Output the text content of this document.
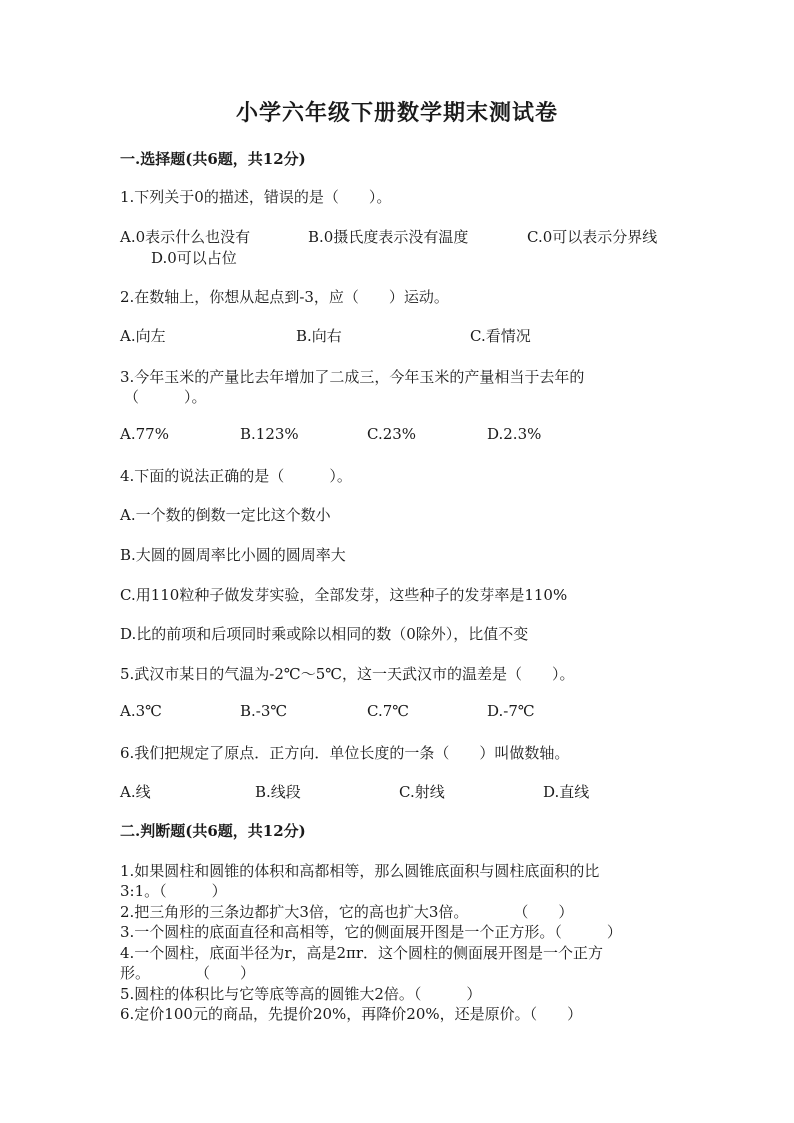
小学六年级下册数学期末测试卷
一.选择题(共6题，共12分)
1.下列关于0的描述，错误的是（　　）。
A.0表示什么也没有	B.0摄氏度表示没有温度	C.0可以表示分界线
D.0可以占位
2.在数轴上，你想从起点到-3，应（　　）运动。
A.向左	B.向右	C.看情况
3.今年玉米的产量比去年增加了二成三，今年玉米的产量相当于去年的
（　　　）。
A.77%	B.123%	C.23%	D.2.3%
4.下面的说法正确的是（　　　）。
A.一个数的倒数一定比这个数小
B.大圆的圆周率比小圆的圆周率大
C.用110粒种子做发芽实验，全部发芽，这些种子的发芽率是110%
D.比的前项和后项同时乘或除以相同的数（0除外），比值不变
5.武汉市某日的气温为-2℃～5℃，这一天武汉市的温差是（　　）。
A.3℃	B.-3℃	C.7℃	D.-7℃
6.我们把规定了原点．正方向．单位长度的一条（　　）叫做数轴。
A.线	B.线段	C.射线	D.直线
二.判断题(共6题，共12分)
1.如果圆柱和圆锥的体积和高都相等，那么圆锥底面积与圆柱底面积的比
3:1。（　　　）
2.把三角形的三条边都扩大3倍，它的高也扩大3倍。　　　　（　　）
3.一个圆柱的底面直径和高相等，它的侧面展开图是一个正方形。（　　　）
4.一个圆柱，底面半径为r，高是2πr．这个圆柱的侧面展开图是一个正方
形。　　　　（　　）
5.圆柱的体积比与它等底等高的圆锥大2倍。（　　　）
6.定价100元的商品，先提价20%，再降价20%，还是原价。（　　）
